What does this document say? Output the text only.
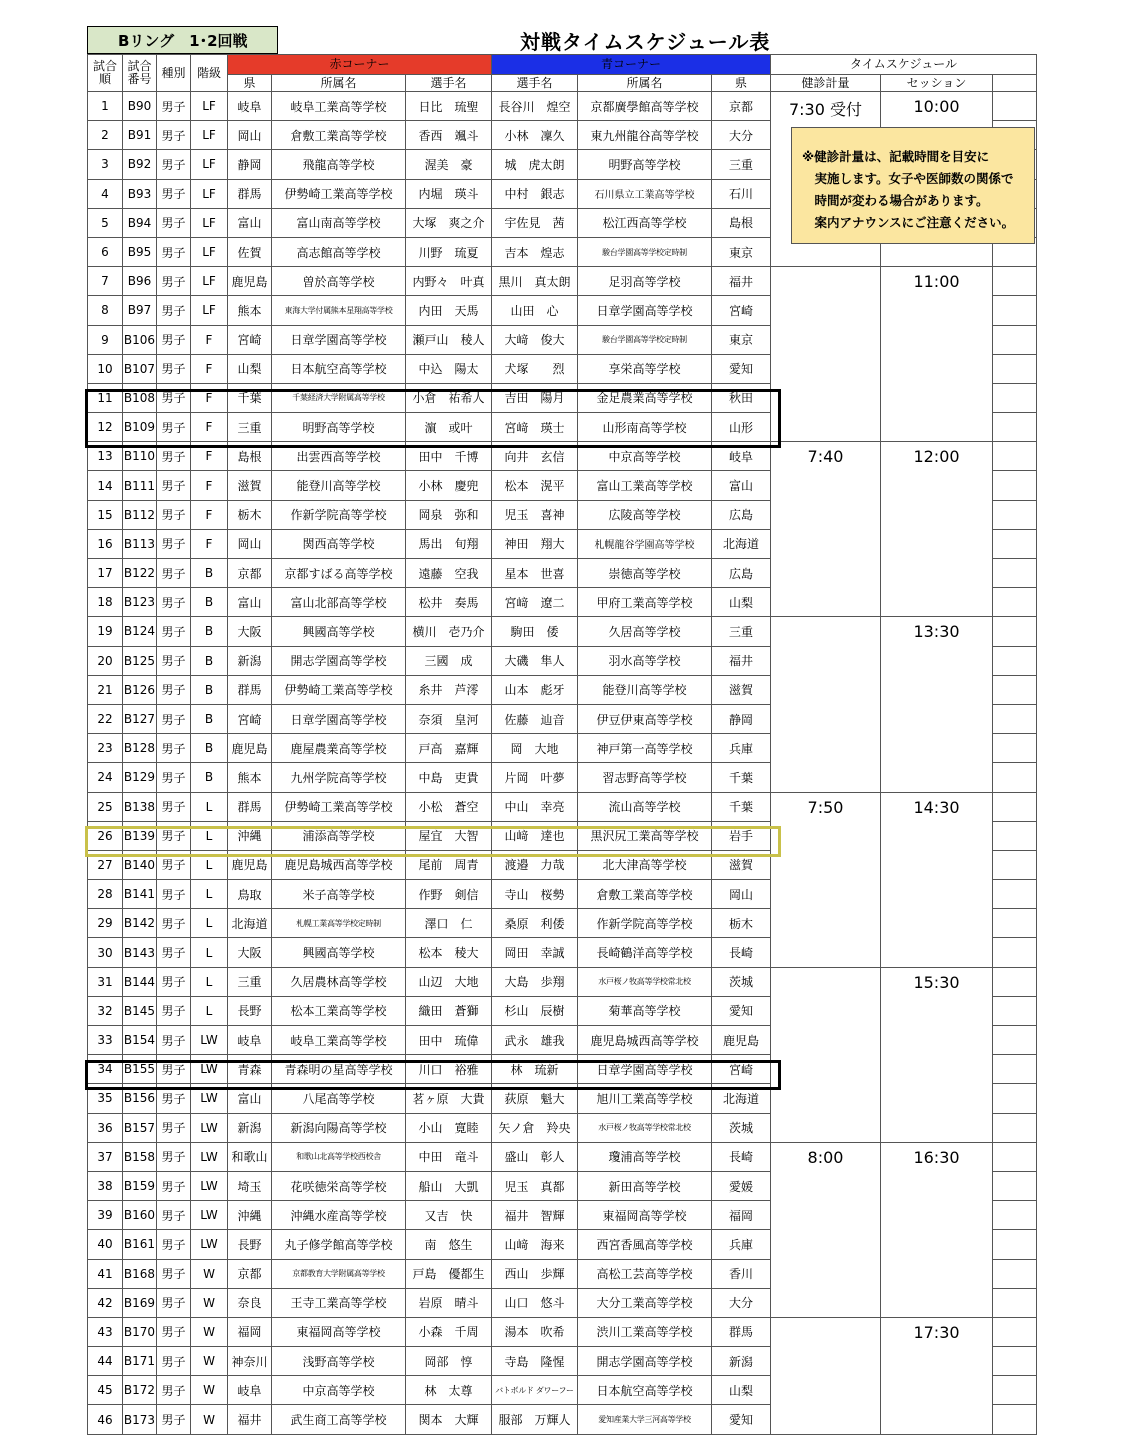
Bリング　1･2回戦	対戦タイムスケジュール表
試合
順	試合
番号	種別	階級	赤コーナー			青コーナー			タイムスケジュール		
				県	所属名	選手名	選手名	所属名	県	健診計量	セッション	
1	B90	男子	LF	岐阜	岐阜工業高等学校	日比　琉聖	長谷川　煌空	京都廣學館高等学校	京都	7:30 受付	10:00	
2	B91	男子	LF	岡山	倉敷工業高等学校	香西　颯斗	小林　凜久	東九州龍谷高等学校	大分			
3	B92	男子	LF	静岡	飛龍高等学校	渥美　豪	城　虎太朗	明野高等学校	三重			
4	B93	男子	LF	群馬	伊勢崎工業高等学校	内堀　瑛斗	中村　銀志	石川県立工業高等学校	石川			
5	B94	男子	LF	富山	富山南高等学校	大塚　爽之介	宇佐見　茜	松江西高等学校	島根			
6	B95	男子	LF	佐賀	高志館高等学校	川野　琉夏	吉本　煌志	駿台学園高等学校定時制	東京			
7	B96	男子	LF	鹿児島	曽於高等学校	内野々　叶真	黒川　真太朗	足羽高等学校	福井		11:00	
8	B97	男子	LF	熊本	東海大学付属熊本星翔高等学校	内田　天馬	山田　心	日章学園高等学校	宮崎			
9	B106	男子	F	宮崎	日章学園高等学校	瀬戸山　稜人	大﨑　俊大	駿台学園高等学校定時制	東京			
10	B107	男子	F	山梨	日本航空高等学校	中込　陽太	犬塚　　烈	享栄高等学校	愛知			
11	B108	男子	F	千葉	千葉経済大学附属高等学校	小倉　祐希人	吉田　陽月	金足農業高等学校	秋田			
12	B109	男子	F	三重	明野高等学校	濵　或叶	宮﨑　瑛士	山形南高等学校	山形			
13	B110	男子	F	島根	出雲西高等学校	田中　千博	向井　玄信	中京高等学校	岐阜	7:40	12:00	
14	B111	男子	F	滋賀	能登川高等学校	小林　慶兜	松本　滉平	富山工業高等学校	富山			
15	B112	男子	F	栃木	作新学院高等学校	岡泉　弥和	児玉　喜神	広陵高等学校	広島			
16	B113	男子	F	岡山	関西高等学校	馬出　旬翔	神田　翔大	札幌龍谷学園高等学校	北海道			
17	B122	男子	B	京都	京都すばる高等学校	遠藤　空我	星本　世喜	崇徳高等学校	広島			
18	B123	男子	B	富山	富山北部高等学校	松井　奏馬	宮﨑　遼二	甲府工業高等学校	山梨			
19	B124	男子	B	大阪	興國高等学校	横川　壱乃介	駒田　倭	久居高等学校	三重		13:30	
20	B125	男子	B	新潟	開志学園高等学校	三國　成	大磯　隼人	羽水高等学校	福井			
21	B126	男子	B	群馬	伊勢崎工業高等学校	糸井　芦澪	山本　彪牙	能登川高等学校	滋賀			
22	B127	男子	B	宮崎	日章学園高等学校	奈須　皇河	佐藤　辿音	伊豆伊東高等学校	静岡			
23	B128	男子	B	鹿児島	鹿屋農業高等学校	戸高　嘉輝	岡　大地	神戸第一高等学校	兵庫			
24	B129	男子	B	熊本	九州学院高等学校	中島　吏貴	片岡　叶夢	習志野高等学校	千葉			
25	B138	男子	L	群馬	伊勢崎工業高等学校	小松　蒼空	中山　幸亮	流山高等学校	千葉	7:50	14:30	
26	B139	男子	L	沖縄	浦添高等学校	屋宜　大智	山﨑　達也	黒沢尻工業高等学校	岩手			
27	B140	男子	L	鹿児島	鹿児島城西高等学校	尾前　周青	渡邉　力哉	北大津高等学校	滋賀			
28	B141	男子	L	鳥取	米子高等学校	作野　剣信	寺山　桜勢	倉敷工業高等学校	岡山			
29	B142	男子	L	北海道	札幌工業高等学校定時制	澤口　仁	桑原　利倭	作新学院高等学校	栃木			
30	B143	男子	L	大阪	興國高等学校	松本　稜大	岡田　幸誠	長崎鶴洋高等学校	長崎			
31	B144	男子	L	三重	久居農林高等学校	山辺　大地	大島　歩翔	水戸桜ノ牧高等学校常北校	茨城		15:30	
32	B145	男子	L	長野	松本工業高等学校	織田　蒼獅	杉山　辰樹	菊華高等学校	愛知			
33	B154	男子	LW	岐阜	岐阜工業高等学校	田中　琉偉	武永　雄我	鹿児島城西高等学校	鹿児島			
34	B155	男子	LW	青森	青森明の星高等学校	川口　裕雅	林　琉新	日章学園高等学校	宮崎			
35	B156	男子	LW	富山	八尾高等学校	茗ヶ原　大貴	荻原　魁大	旭川工業高等学校	北海道			
36	B157	男子	LW	新潟	新潟向陽高等学校	小山　寛睦	矢ノ倉　羚央	水戸桜ノ牧高等学校常北校	茨城			
37	B158	男子	LW	和歌山	和歌山北高等学校西校舎	中田　竜斗	盛山　彰人	瓊浦高等学校	長崎	8:00	16:30	
38	B159	男子	LW	埼玉	花咲徳栄高等学校	船山　大凱	児玉　真都	新田高等学校	愛媛			
39	B160	男子	LW	沖縄	沖縄水産高等学校	又吉　快	福井　智輝	東福岡高等学校	福岡			
40	B161	男子	LW	長野	丸子修学館高等学校	南　悠生	山﨑　海来	西宮香風高等学校	兵庫			
41	B168	男子	W	京都	京都教育大学附属高等学校	戸島　優都生	西山　歩輝	高松工芸高等学校	香川			
42	B169	男子	W	奈良	王寺工業高等学校	岩原　晴斗	山口　悠斗	大分工業高等学校	大分			
43	B170	男子	W	福岡	東福岡高等学校	小森　千周	湯本　吹希	渋川工業高等学校	群馬		17:30	
44	B171	男子	W	神奈川	浅野高等学校	岡部　惇	寺島　隆惺	開志学園高等学校	新潟			
45	B172	男子	W	岐阜	中京高等学校	林　太尊	バトボルド ダワーフー	日本航空高等学校	山梨			
46	B173	男子	W	福井	武生商工高等学校	関本　大輝	服部　万輝人	愛知産業大学三河高等学校	愛知			
※健診計量は、記載時間を目安に
　実施します。女子や医師数の関係で
　時間が変わる場合があります。
　案内アナウンスにご注意ください。
